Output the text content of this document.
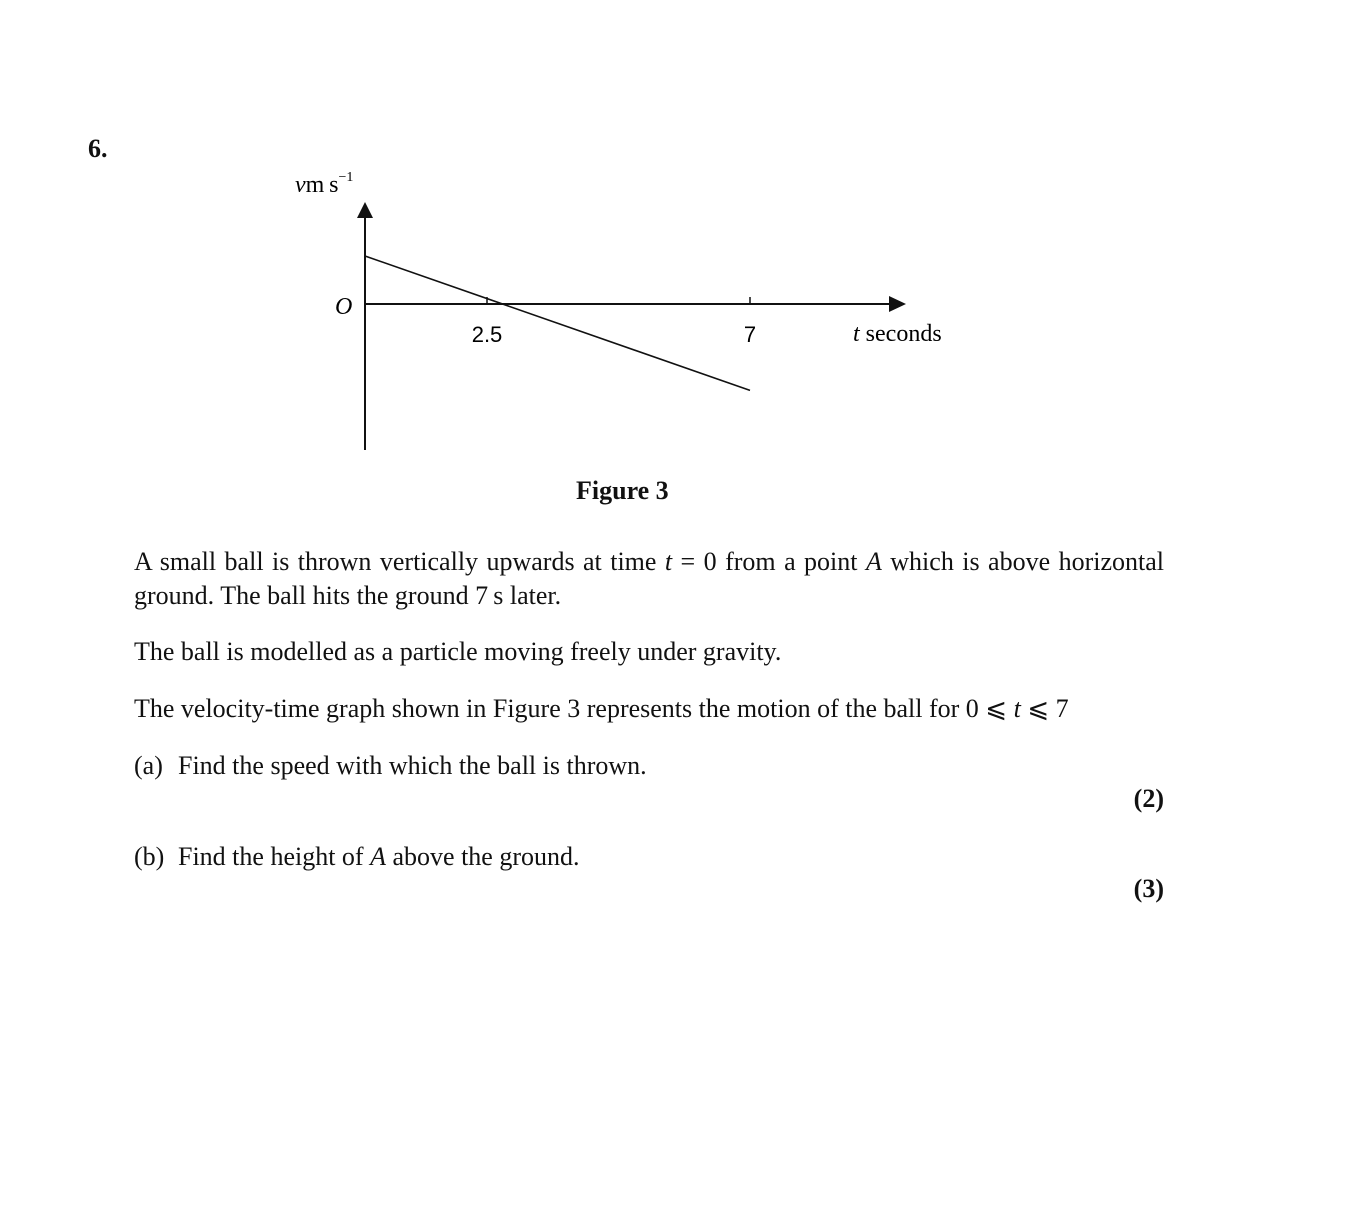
6.
vm $s^{-1}$
O
2.5	7	t seconds
Figure 3
A small ball is thrown vertically upwards at time t = 0 from a point A which is above horizontal ground. The ball hits the ground 7 s later.
The ball is modelled as a particle moving freely under gravity.
The velocity-time graph shown in Figure 3 represents the motion of the ball for 0 ⩽ t ⩽ 7
(a) Find the speed with which the ball is thrown.
(2)
(b) Find the height of A above the ground.
(3)
